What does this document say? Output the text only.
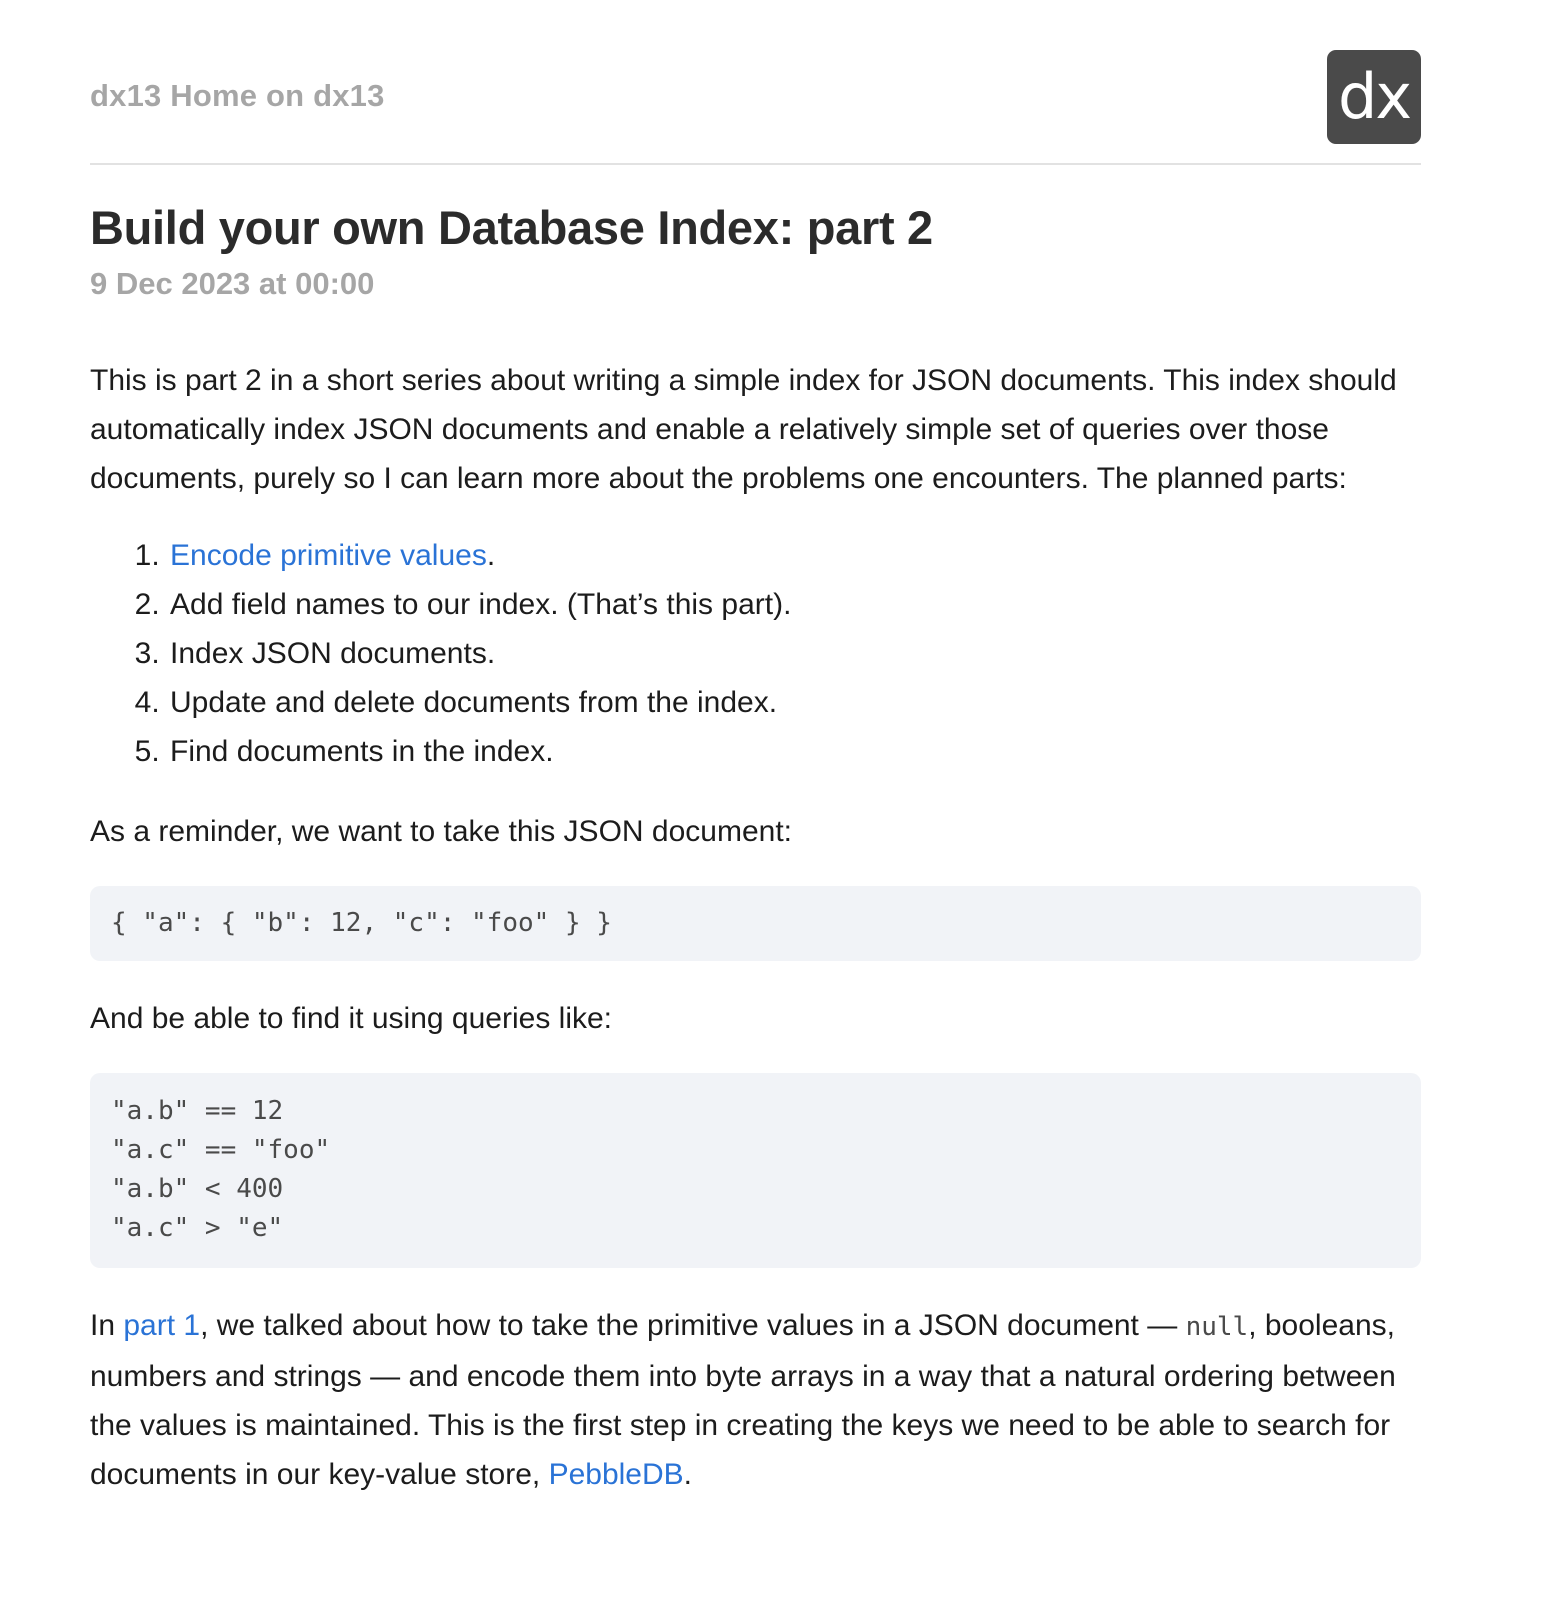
dx13 Home on dx13	dx
Build your own Database Index: part 2
9 Dec 2023 at 00:00

This is part 2 in a short series about writing a simple index for JSON documents. This index should automatically index JSON documents and enable a relatively simple set of queries over those documents, purely so I can learn more about the problems one encounters. The planned parts:

1. Encode primitive values.
2. Add field names to our index. (That’s this part).
3. Index JSON documents.
4. Update and delete documents from the index.
5. Find documents in the index.

As a reminder, we want to take this JSON document:

{ "a": { "b": 12, "c": "foo" } }

And be able to find it using queries like:

"a.b" == 12
"a.c" == "foo"
"a.b" < 400
"a.c" > "e"

In part 1, we talked about how to take the primitive values in a JSON document — null, booleans, numbers and strings — and encode them into byte arrays in a way that a natural ordering between the values is maintained. This is the first step in creating the keys we need to be able to search for documents in our key-value store, PebbleDB.
